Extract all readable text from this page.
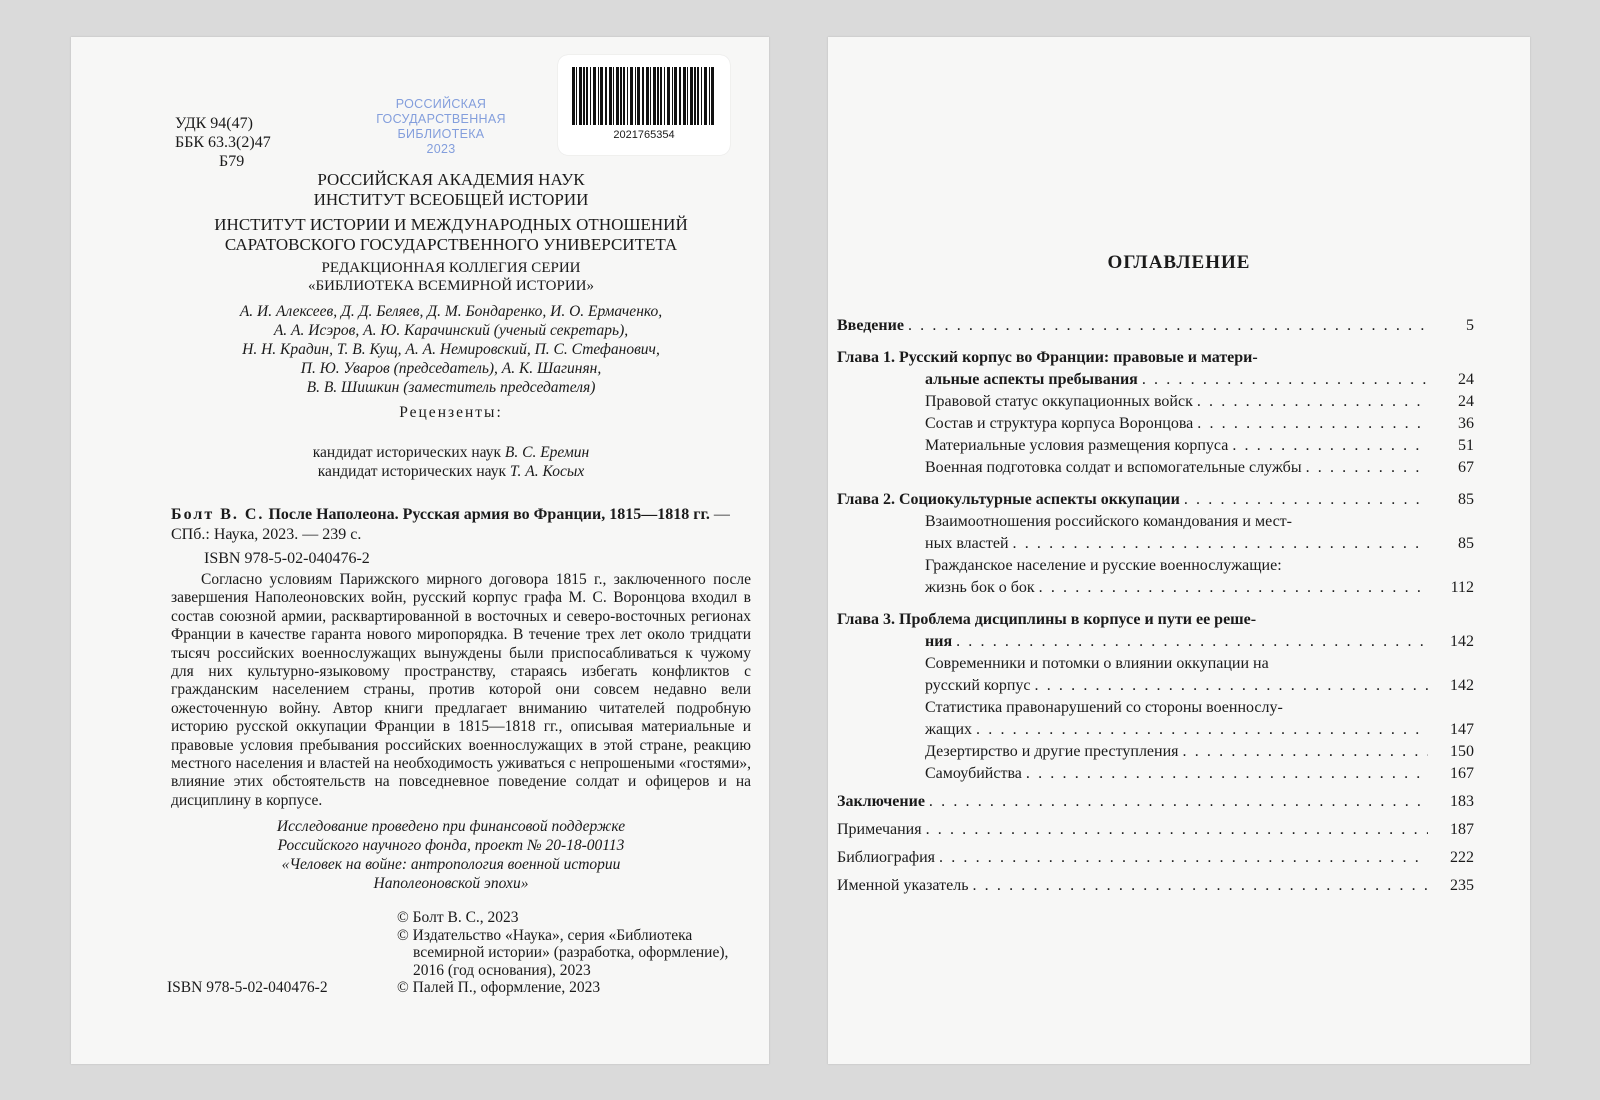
УДК 94(47)
ББК 63.3(2)47
Б79
РОССИЙСКАЯ
ГОСУДАРСТВЕННАЯ
БИБЛИОТЕКА
2023
2021765354
РОССИЙСКАЯ АКАДЕМИЯ НАУК
ИНСТИТУТ ВСЕОБЩЕЙ ИСТОРИИ
ИНСТИТУТ ИСТОРИИ И МЕЖДУНАРОДНЫХ ОТНОШЕНИЙ
САРАТОВСКОГО ГОСУДАРСТВЕННОГО УНИВЕРСИТЕТА
РЕДАКЦИОННАЯ КОЛЛЕГИЯ СЕРИИ
«БИБЛИОТЕКА ВСЕМИРНОЙ ИСТОРИИ»
А. И. Алексеев, Д. Д. Беляев, Д. М. Бондаренко, И. О. Ермаченко,
А. А. Исэров, А. Ю. Карачинский (ученый секретарь),
Н. Н. Крадин, Т. В. Кущ, А. А. Немировский, П. С. Стефанович,
П. Ю. Уваров (председатель), А. К. Шагинян,
В. В. Шишкин (заместитель председателя)
Рецензенты:
кандидат исторических наук В. С. Еремин
кандидат исторических наук Т. А. Косых
Болт В. С. После Наполеона. Русская армия во Франции, 1815—1818 гг. — СПб.: Наука, 2023. — 239 с.
ISBN 978-5-02-040476-2
Согласно условиям Парижского мирного договора 1815 г., заключенного после завершения Наполеоновских войн, русский корпус графа М. С. Воронцова входил в состав союзной армии, расквартированной в восточных и северо-восточных регионах Франции в качестве гаранта нового миропорядка. В течение трех лет около тридцати тысяч российских военнослужащих вынуждены были приспосабливаться к чужому для них культурно-языковому пространству, стараясь избегать конфликтов с гражданским населением страны, против которой они совсем недавно вели ожесточенную войну. Автор книги предлагает вниманию читателей подробную историю русской оккупации Франции в 1815—1818 гг., описывая материальные и правовые условия пребывания российских военнослужащих в этой стране, реакцию местного населения и властей на необходимость уживаться с непрошеными «гостями», влияние этих обстоятельств на повседневное поведение солдат и офицеров и на дисциплину в корпусе.
Исследование проведено при финансовой поддержке
Российского научного фонда, проект № 20-18-00113
«Человек на войне: антропология военной истории
Наполеоновской эпохи»
© Болт В. С., 2023
© Издательство «Наука», серия «Библиотека всемирной истории» (разработка, оформление), 2016 (год основания), 2023
© Палей П., оформление, 2023
ISBN 978-5-02-040476-2
ОГЛАВЛЕНИЕ
Введение . . .	5
Глава 1. Русский корпус во Франции: правовые и матери-
альные аспекты пребывания . . .	24
Правовой статус оккупационных войск . . .	24
Состав и структура корпуса Воронцова . . .	36
Материальные условия размещения корпуса . . .	51
Военная подготовка солдат и вспомогательные службы . . .	67
Глава 2. Социокультурные аспекты оккупации . . .	85
Взаимоотношения российского командования и мест-
ных властей . . .	85
Гражданское население и русские военнослужащие:
жизнь бок о бок . . .	112
Глава 3. Проблема дисциплины в корпусе и пути ее реше-
ния . . .	142
Современники и потомки о влиянии оккупации на
русский корпус . . .	142
Статистика правонарушений со стороны военнослу-
жащих . . .	147
Дезертирство и другие преступления . . .	150
Самоубийства . . .	167
Заключение . . .	183
Примечания . . .	187
Библиография . . .	222
Именной указатель . . .	235
